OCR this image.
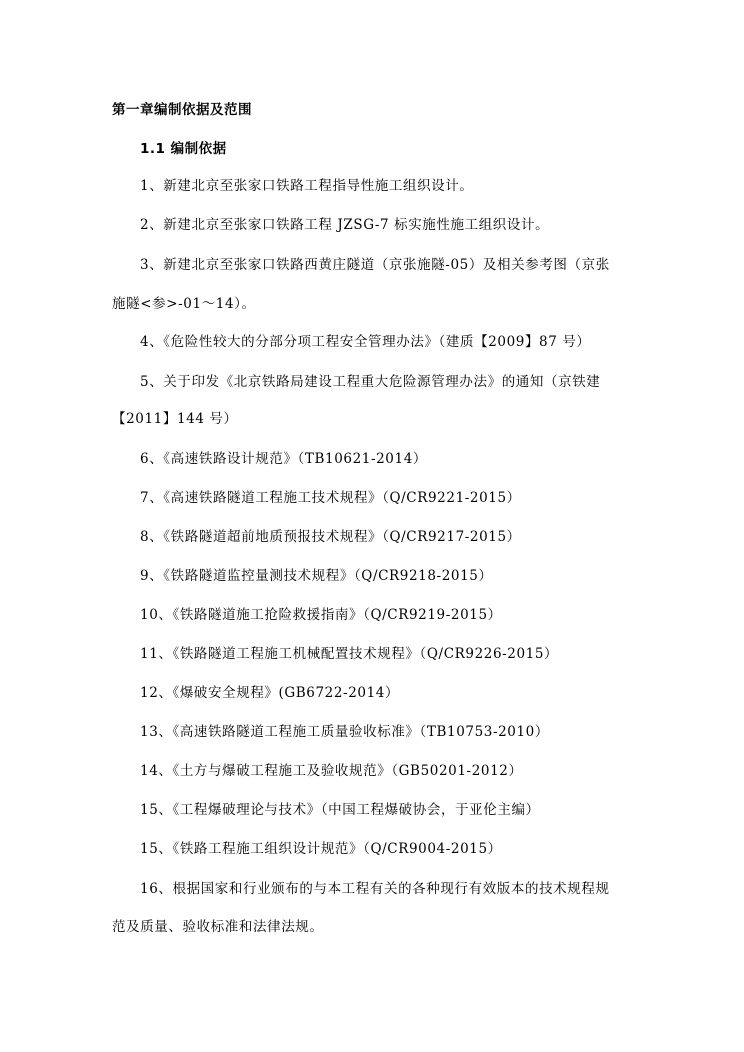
第一章编制依据及范围
1.1 编制依据
1、新建北京至张家口铁路工程指导性施工组织设计。
2、新建北京至张家口铁路工程 JZSG-7 标实施性施工组织设计。
3、新建北京至张家口铁路西黄庄隧道（京张施隧-05）及相关参考图（京张
施隧<参>-01～14）。
4、《危险性较大的分部分项工程安全管理办法》（建质【2009】87 号）
5、关于印发《北京铁路局建设工程重大危险源管理办法》的通知（京铁建
【2011】144 号）
6、《高速铁路设计规范》（TB10621-2014）
7、《高速铁路隧道工程施工技术规程》（Q/CR9221-2015）
8、《铁路隧道超前地质预报技术规程》（Q/CR9217-2015）
9、《铁路隧道监控量测技术规程》（Q/CR9218-2015）
10、《铁路隧道施工抢险救援指南》（Q/CR9219-2015）
11、《铁路隧道工程施工机械配置技术规程》（Q/CR9226-2015）
12、《爆破安全规程》(GB6722-2014）
13、《高速铁路隧道工程施工质量验收标准》（TB10753-2010）
14、《土方与爆破工程施工及验收规范》（GB50201-2012）
15、《工程爆破理论与技术》（中国工程爆破协会，于亚伦主编）
15、《铁路工程施工组织设计规范》（Q/CR9004-2015）
16、根据国家和行业颁布的与本工程有关的各种现行有效版本的技术规程规
范及质量、验收标准和法律法规。
